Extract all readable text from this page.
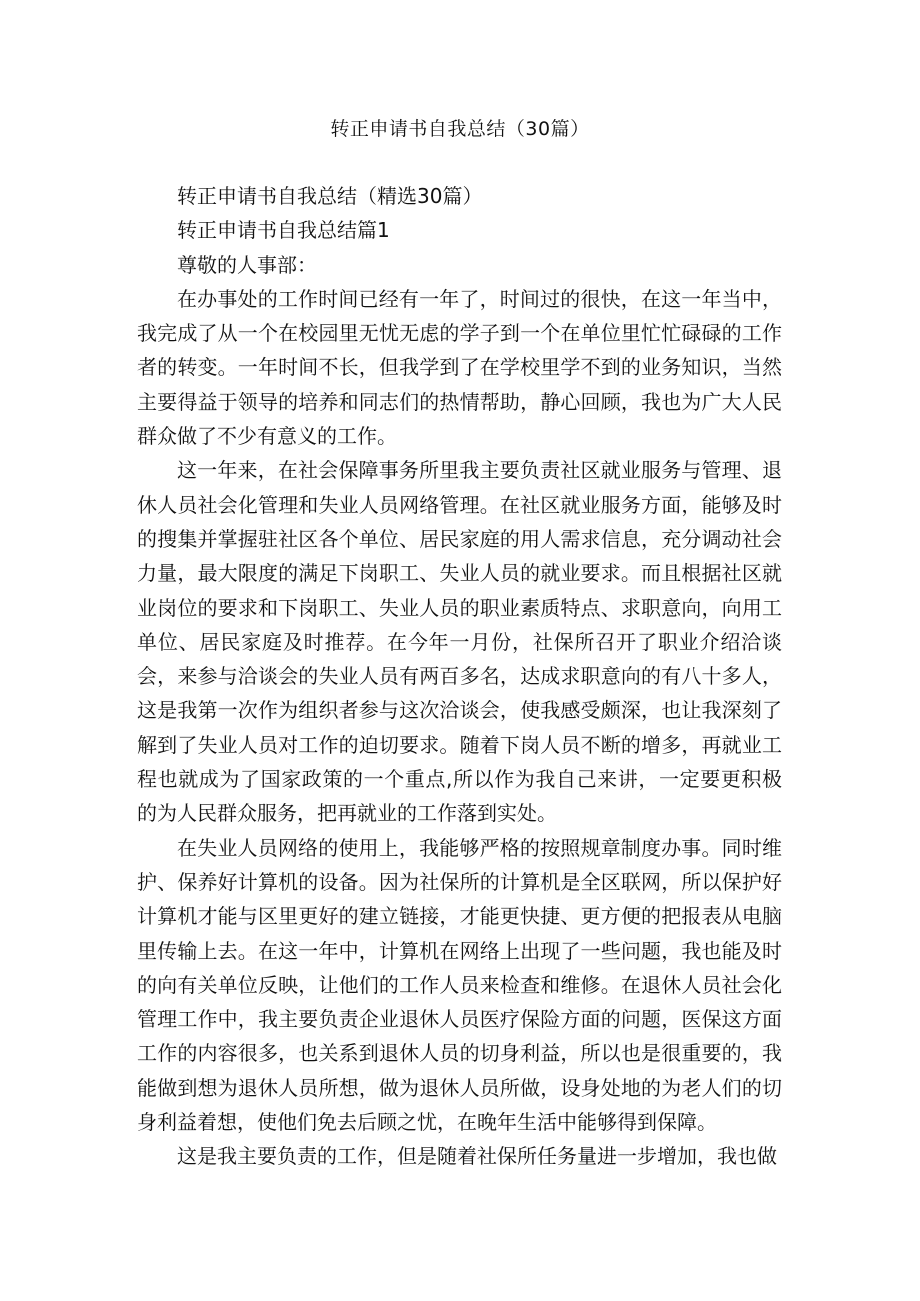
转正申请书自我总结（30篇）

转正申请书自我总结（精选30篇）

转正申请书自我总结篇1

尊敬的人事部：

在办事处的工作时间已经有一年了，时间过的很快，在这一年当中，我完成了从一个在校园里无忧无虑的学子到一个在单位里忙忙碌碌的工作者的转变。一年时间不长，但我学到了在学校里学不到的业务知识，当然主要得益于领导的培养和同志们的热情帮助，静心回顾，我也为广大人民群众做了不少有意义的工作。

这一年来，在社会保障事务所里我主要负责社区就业服务与管理、退休人员社会化管理和失业人员网络管理。在社区就业服务方面，能够及时的搜集并掌握驻社区各个单位、居民家庭的用人需求信息，充分调动社会力量，最大限度的满足下岗职工、失业人员的就业要求。而且根据社区就业岗位的要求和下岗职工、失业人员的职业素质特点、求职意向，向用工单位、居民家庭及时推荐。在今年一月份，社保所召开了职业介绍洽谈会，来参与洽谈会的失业人员有两百多名，达成求职意向的有八十多人，这是我第一次作为组织者参与这次洽谈会，使我感受颇深，也让我深刻了解到了失业人员对工作的迫切要求。随着下岗人员不断的增多，再就业工程也就成为了国家政策的一个重点,所以作为我自己来讲，一定要更积极的为人民群众服务，把再就业的工作落到实处。

在失业人员网络的使用上，我能够严格的按照规章制度办事。同时维护、保养好计算机的设备。因为社保所的计算机是全区联网，所以保护好计算机才能与区里更好的建立链接，才能更快捷、更方便的把报表从电脑里传输上去。在这一年中，计算机在网络上出现了一些问题，我也能及时的向有关单位反映，让他们的工作人员来检查和维修。在退休人员社会化管理工作中，我主要负责企业退休人员医疗保险方面的问题，医保这方面工作的内容很多，也关系到退休人员的切身利益，所以也是很重要的，我能做到想为退休人员所想，做为退休人员所做，设身处地的为老人们的切身利益着想，使他们免去后顾之忧，在晚年生活中能够得到保障。

这是我主要负责的工作，但是随着社保所任务量进一步增加，我也做
